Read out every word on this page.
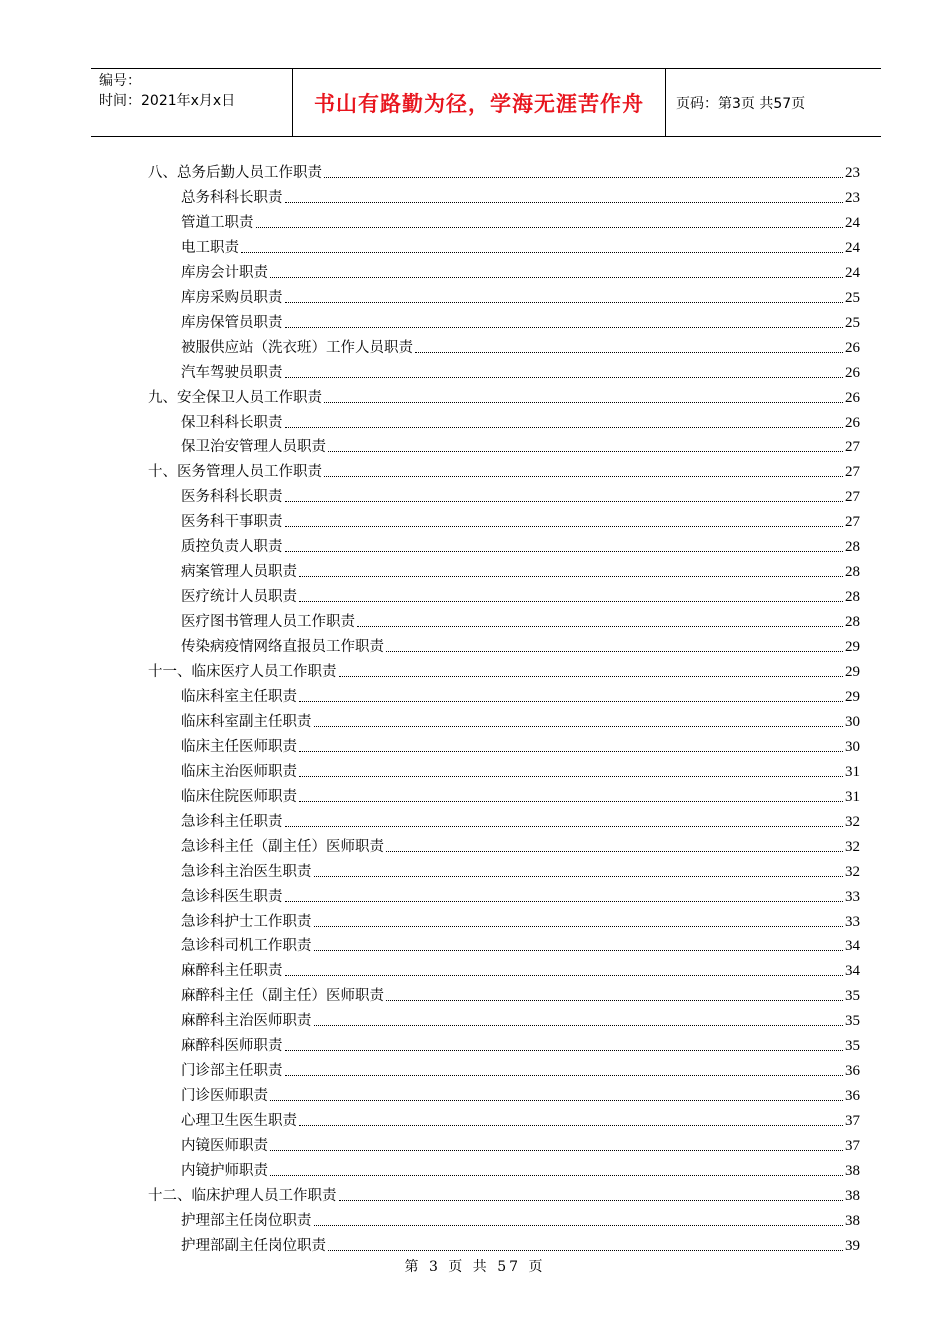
编号：
时间：2021年x月x日	书山有路勤为径，学海无涯苦作舟 页码：第3页 共57页
八、总务后勤人员工作职责	23
总务科科长职责	23
管道工职责	24
电工职责	24
库房会计职责	24
库房采购员职责	25
库房保管员职责	25
被服供应站（洗衣班）工作人员职责	26
汽车驾驶员职责	26
九、安全保卫人员工作职责	26
保卫科科长职责	26
保卫治安管理人员职责	27
十、医务管理人员工作职责	27
医务科科长职责	27
医务科干事职责	27
质控负责人职责	28
病案管理人员职责	28
医疗统计人员职责	28
医疗图书管理人员工作职责	28
传染病疫情网络直报员工作职责	29
十一、临床医疗人员工作职责	29
临床科室主任职责	29
临床科室副主任职责	30
临床主任医师职责	30
临床主治医师职责	31
临床住院医师职责	31
急诊科主任职责	32
急诊科主任（副主任）医师职责	32
急诊科主治医生职责	32
急诊科医生职责	33
急诊科护士工作职责	33
急诊科司机工作职责	34
麻醉科主任职责	34
麻醉科主任（副主任）医师职责	35
麻醉科主治医师职责	35
麻醉科医师职责	35
门诊部主任职责	36
门诊医师职责	36
心理卫生医生职责	37
内镜医师职责	37
内镜护师职责	38
十二、临床护理人员工作职责	38
护理部主任岗位职责	38
护理部副主任岗位职责	39
第 3 页 共 57 页
